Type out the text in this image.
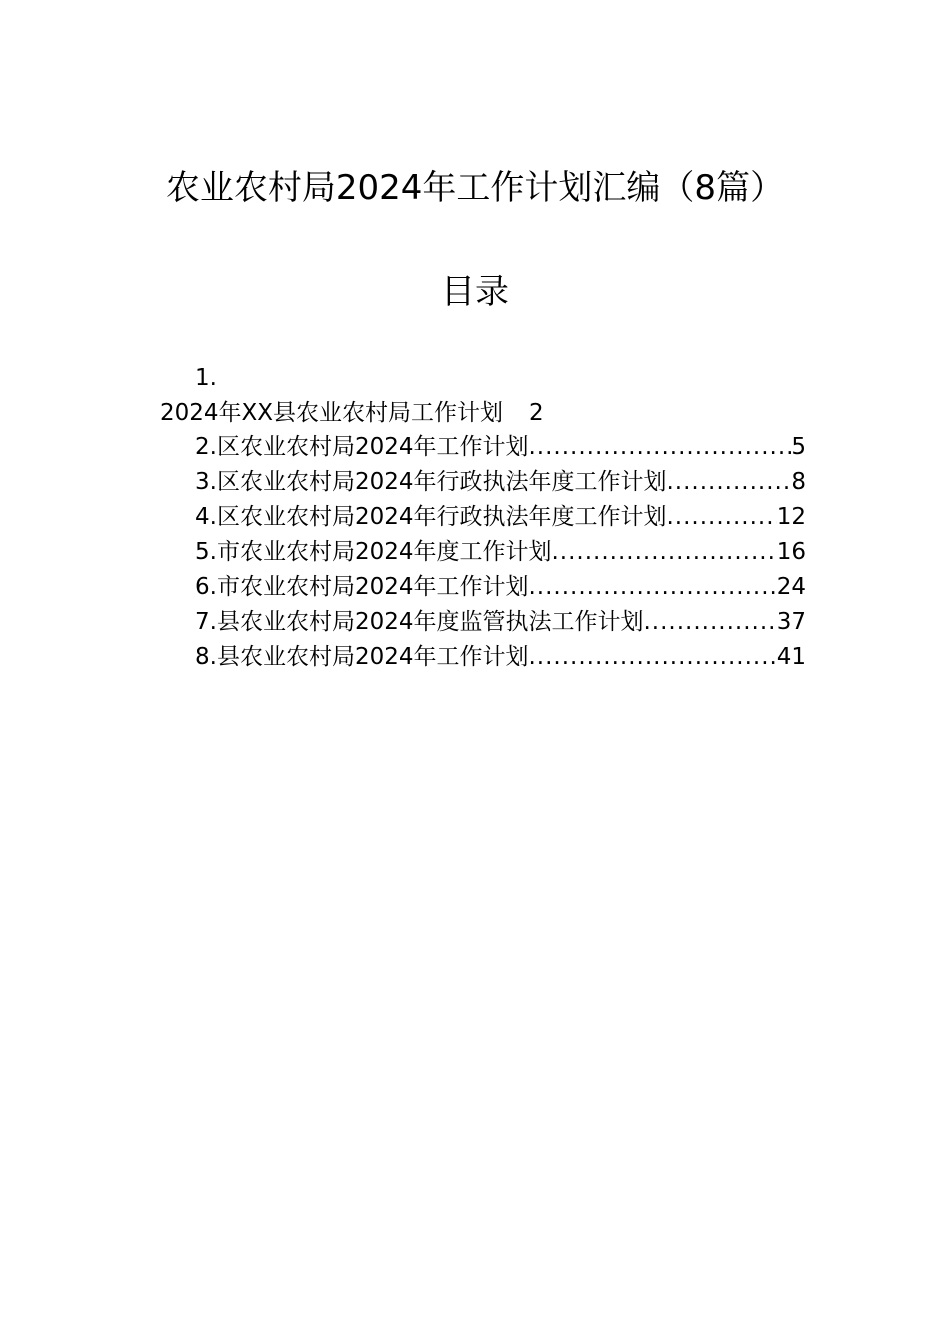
农业农村局2024年工作计划汇编（8篇）
目录
1.
2024年XX县农业农村局工作计划 2
2.区农业农村局2024年工作计划 .....	5
3.区农业农村局2024年行政执法年度工作计划 .....	8
4.区农业农村局2024年行政执法年度工作计划 .....	12
5.市农业农村局2024年度工作计划 .....	16
6.市农业农村局2024年工作计划 .....	24
7.县农业农村局2024年度监管执法工作计划 .....	37
8.县农业农村局2024年工作计划 .....	41
